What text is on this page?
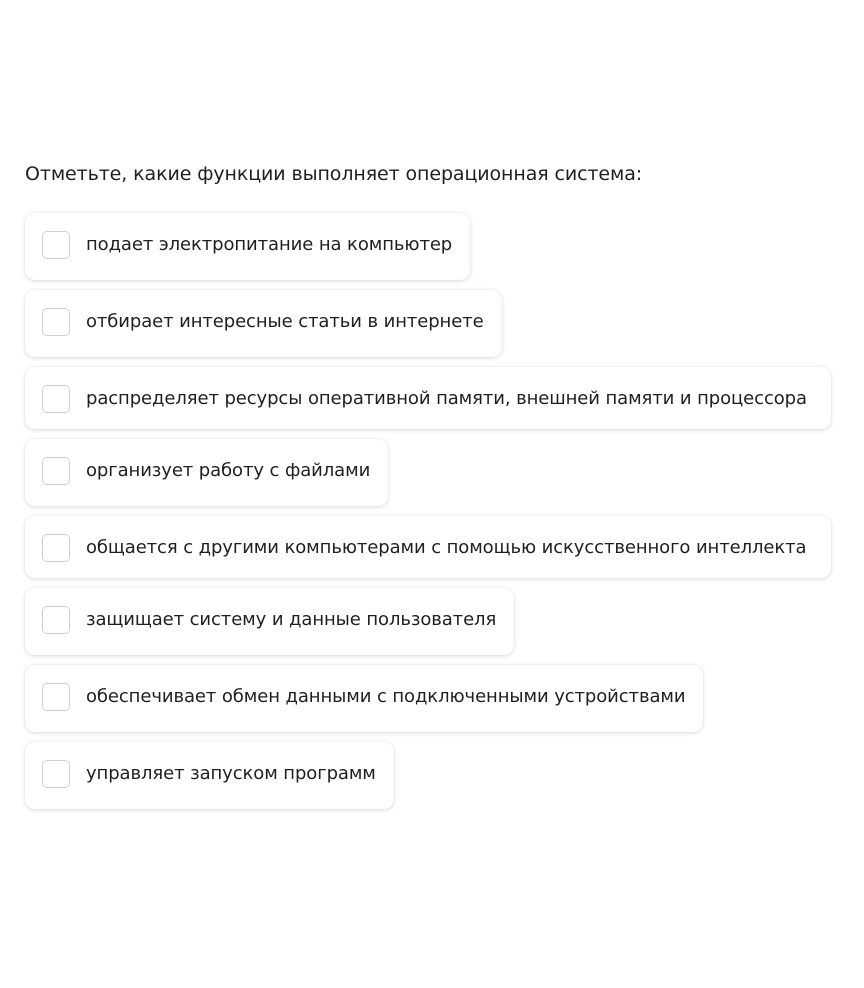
Отметьте, какие функции выполняет операционная система:
подает электропитание на компьютер
отбирает интересные статьи в интернете
распределяет ресурсы оперативной памяти, внешней памяти и процессора
организует работу с файлами
общается с другими компьютерами с помощью искусственного интеллекта
защищает систему и данные пользователя
обеспечивает обмен данными с подключенными устройствами
управляет запуском программ
